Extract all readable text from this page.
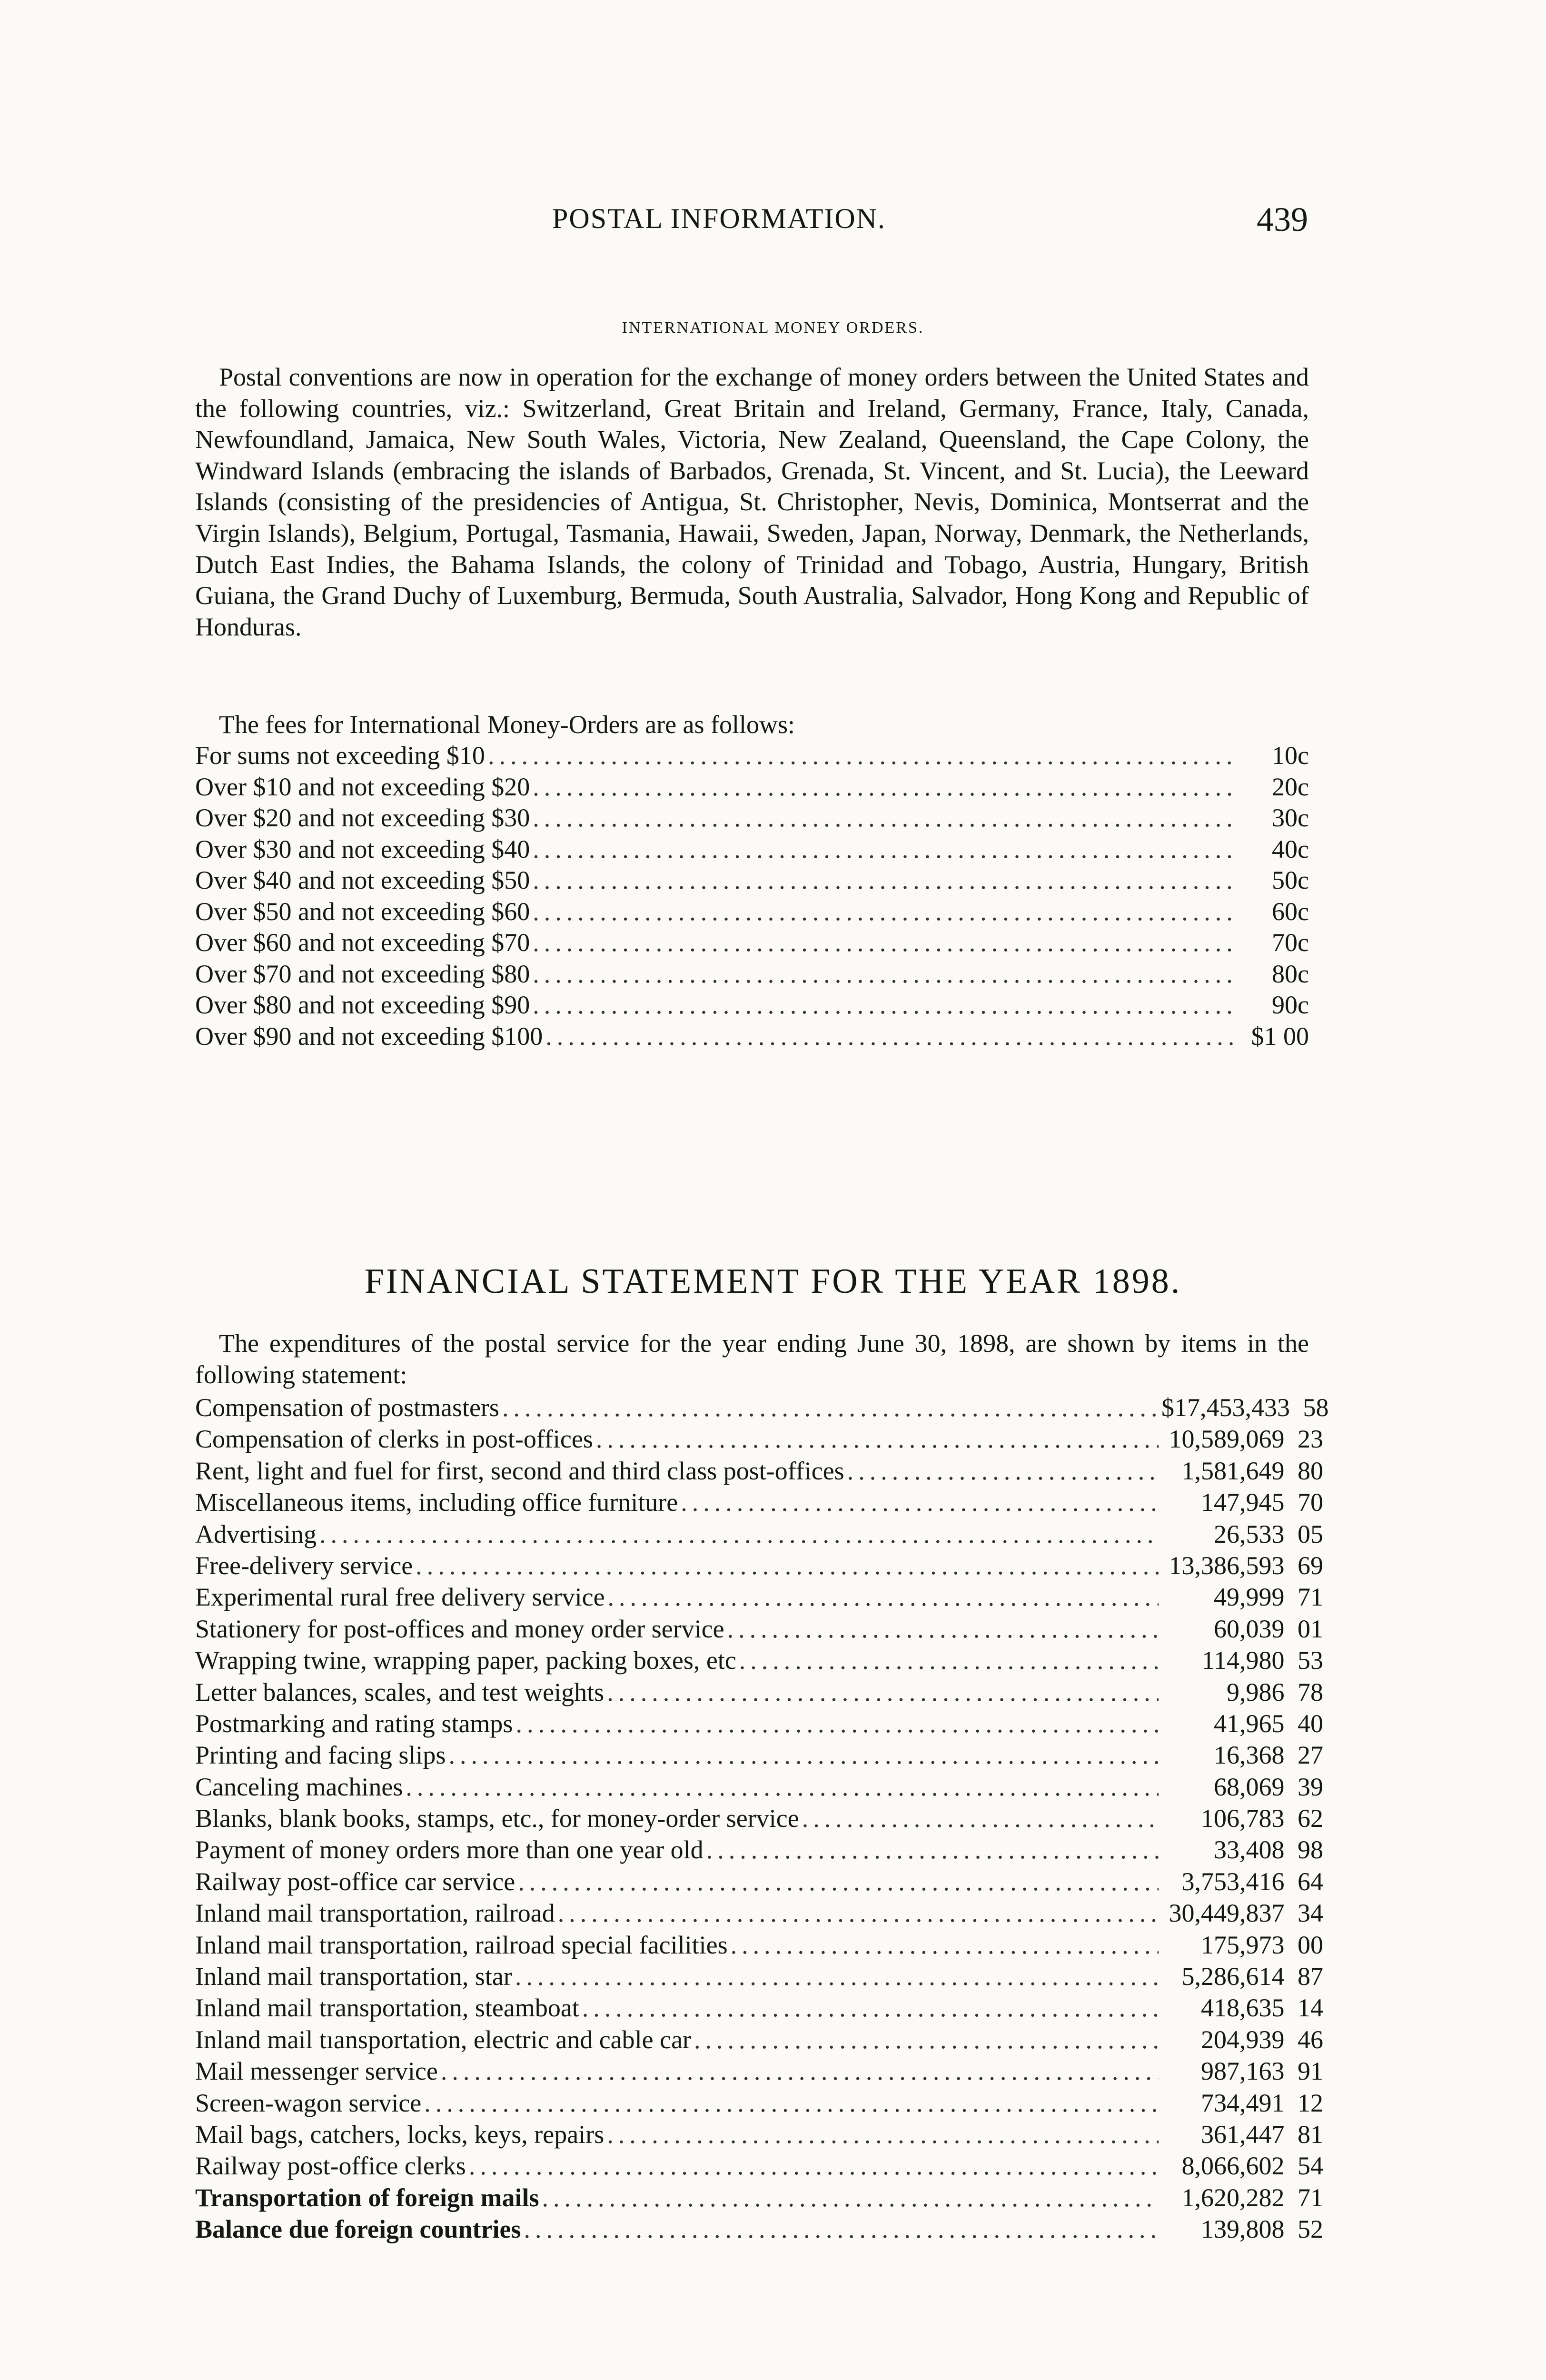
POSTAL INFORMATION.	439
INTERNATIONAL MONEY ORDERS.
Postal conventions are now in operation for the exchange of money orders between the United States and the following countries, viz.: Switzerland, Great Britain and Ireland, Germany, France, Italy, Canada, Newfoundland, Jamaica, New South Wales, Victoria, New Zealand, Queensland, the Cape Colony, the Windward Islands (embracing the islands of Barbados, Grenada, St. Vincent, and St. Lucia), the Leeward Islands (consisting of the presidencies of Antigua, St. Christopher, Nevis, Dominica, Montserrat and the Virgin Islands), Belgium, Portugal, Tasmania, Hawaii, Sweden, Japan, Norway, Denmark, the Netherlands, Dutch East Indies, the Bahama Islands, the colony of Trinidad and Tobago, Austria, Hungary, British Guiana, the Grand Duchy of Luxemburg, Bermuda, South Australia, Salvador, Hong Kong and Republic of Honduras.
The fees for International Money-Orders are as follows:
For sums not exceeding $10 .....	10c
Over $10 and not exceeding $20 .....	20c
Over $20 and not exceeding $30 .....	30c
Over $30 and not exceeding $40 .....	40c
Over $40 and not exceeding $50 .....	50c
Over $50 and not exceeding $60 .....	60c
Over $60 and not exceeding $70 .....	70c
Over $70 and not exceeding $80 .....	80c
Over $80 and not exceeding $90 .....	90c
Over $90 and not exceeding $100 .....	$1 00
FINANCIAL STATEMENT FOR THE YEAR 1898.
The expenditures of the postal service for the year ending June 30, 1898, are shown by items in the following statement:
Compensation of postmasters .....	$17,453,433 58
Compensation of clerks in post-offices .....	10,589,069 23
Rent, light and fuel for first, second and third class post-offices .....	1,581,649 80
Miscellaneous items, including office furniture .....	147,945 70
Advertising .....	26,533 05
Free-delivery service .....	13,386,593 69
Experimental rural free delivery service .....	49,999 71
Stationery for post-offices and money order service .....	60,039 01
Wrapping twine, wrapping paper, packing boxes, etc .....	114,980 53
Letter balances, scales, and test weights .....	9,986 78
Postmarking and rating stamps .....	41,965 40
Printing and facing slips .....	16,368 27
Canceling machines .....	68,069 39
Blanks, blank books, stamps, etc., for money-order service .....	106,783 62
Payment of money orders more than one year old .....	33,408 98
Railway post-office car service .....	3,753,416 64
Inland mail transportation, railroad .....	30,449,837 34
Inland mail transportation, railroad special facilities .....	175,973 00
Inland mail transportation, star .....	5,286,614 87
Inland mail transportation, steamboat .....	418,635 14
Inland mail tıansportation, electric and cable car .....	204,939 46
Mail messenger service .....	987,163 91
Screen-wagon service .....	734,491 12
Mail bags, catchers, locks, keys, repairs .....	361,447 81
Railway post-office clerks .....	8,066,602 54
Transportation of foreign mails .....	1,620,282 71
Balance due foreign countries .....	139,808 52
